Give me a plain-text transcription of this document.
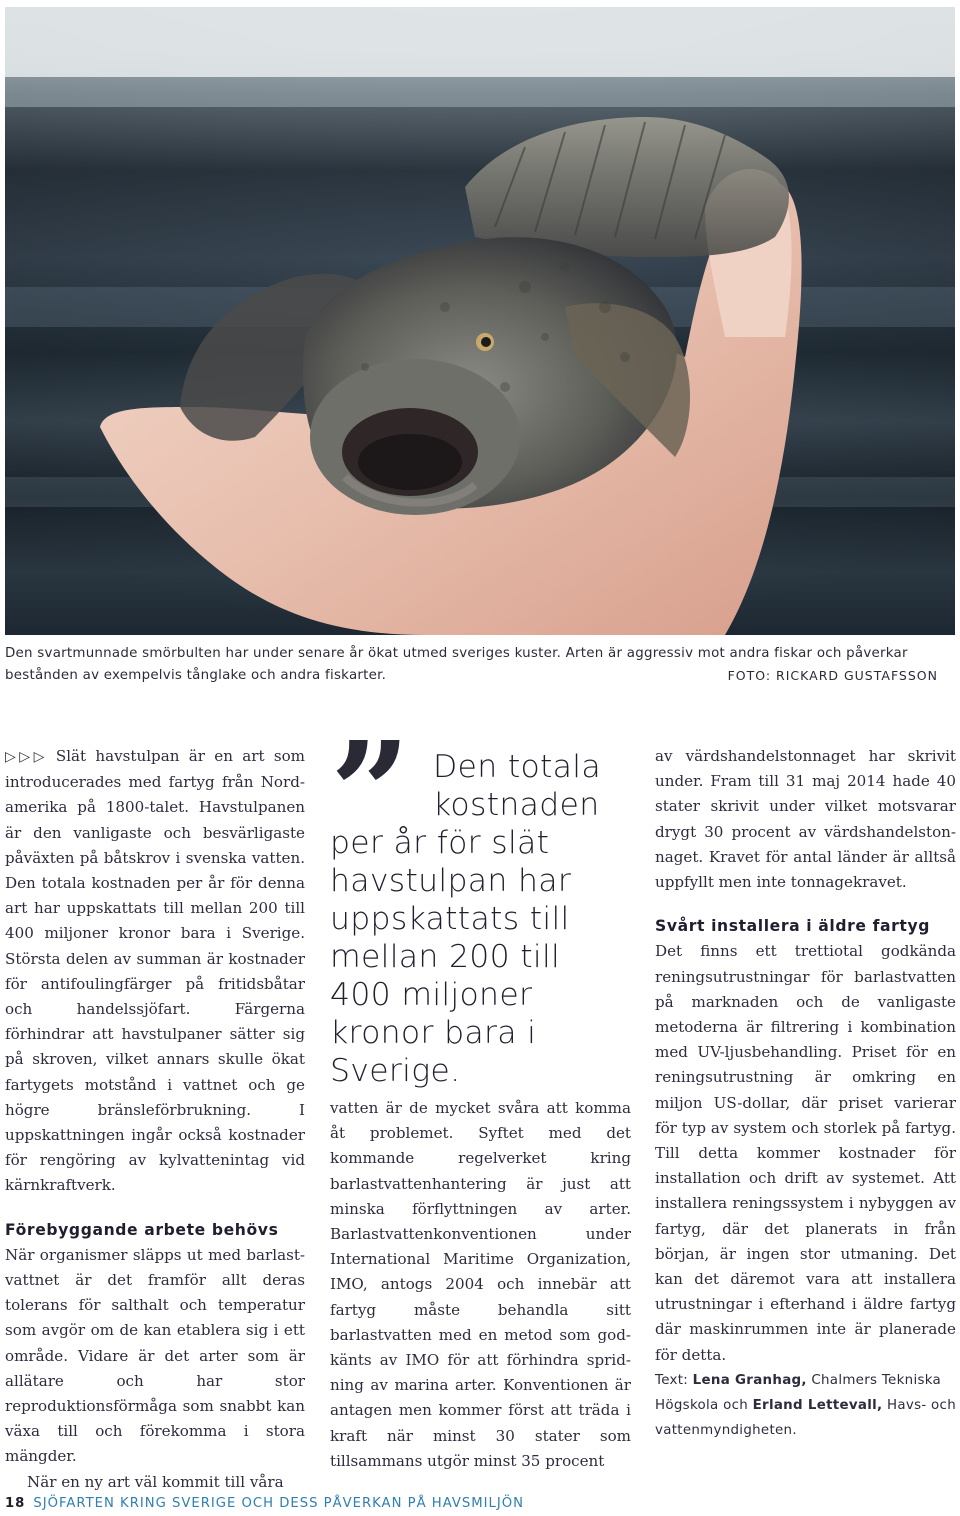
Den svartmunnade smörbulten har under senare år ökat utmed sveriges kuster. Arten är aggressiv mot andra fiskar och påverkar
bestånden av exempelvis tånglake och andra fiskarter.	FOTO: RICKARD GUSTAFSSON

▷▷▷ Slät havstulpan är en art som introducerades med fartyg från Nordamerika på 1800-talet. Havstulpanen är den vanligaste och besvärligaste påväxten på båtskrov i svenska vatten. Den totala kostnaden per år för denna art har uppskattats till mellan 200 till 400 miljoner kronor bara i Sverige. Största delen av summan är kostnader för antifoulingfärger på fritidsbåtar och handelssjöfart. Färgerna förhindrar att havstulpaner sätter sig på skroven, vilket annars skulle ökat fartygets motstånd i vattnet och ge högre bränsleförbrukning. I uppskattningen ingår också kostnader för rengöring av kylvattenintag vid kärnkraftverk.

Förebyggande arbete behövs

När organismer släpps ut med barlastvattnet är det framför allt deras tolerans för salthalt och temperatur som avgör om de kan etablera sig i ett område. Vidare är det arter som är allätare och har stor reproduktionsförmåga som snabbt kan växa till och förekomma i stora mängder.

När en ny art väl kommit till våra

”	Den totala kostnaden
per år för slät havstulpan har uppskattats till mellan 200 till 400 miljoner kronor bara i Sverige.

vatten är de mycket svåra att komma åt problemet. Syftet med det kommande regelverket kring barlastvattenhantering är just att minska förflyttningen av arter. Barlastvattenkonventionen under International Maritime Organization, IMO, antogs 2004 och innebär att fartyg måste behandla sitt barlastvatten med en metod som godkänts av IMO för att förhindra spridning av marina arter. Konventionen är antagen men kommer först att träda i kraft när minst 30 stater som tillsammans utgör minst 35 procent

av värdshandelstonnaget har skrivit under. Fram till 31 maj 2014 hade 40 stater skrivit under vilket motsvarar drygt 30 procent av värdshandelstonnaget. Kravet för antal länder är alltså uppfyllt men inte tonnagekravet.

Svårt installera i äldre fartyg

Det finns ett trettiotal godkända reningsutrustningar för barlastvatten på marknaden och de vanligaste metoderna är filtrering i kombination med UV-ljusbehandling. Priset för en reningsutrustning är omkring en miljon US-dollar, där priset varierar för typ av system och storlek på fartyg. Till detta kommer kostnader för installation och drift av systemet. Att installera reningssystem i nybyggen av fartyg, där det planerats in från början, är ingen stor utmaning. Det kan det däremot vara att installera utrustningar i efterhand i äldre fartyg där maskinrummen inte är planerade för detta.

Text: Lena Granhag, Chalmers Tekniska Högskola och Erland Lettevall, Havs- och vattenmyndigheten.

18 SJÖFARTEN KRING SVERIGE OCH DESS PÅVERKAN PÅ HAVSMILJÖN
